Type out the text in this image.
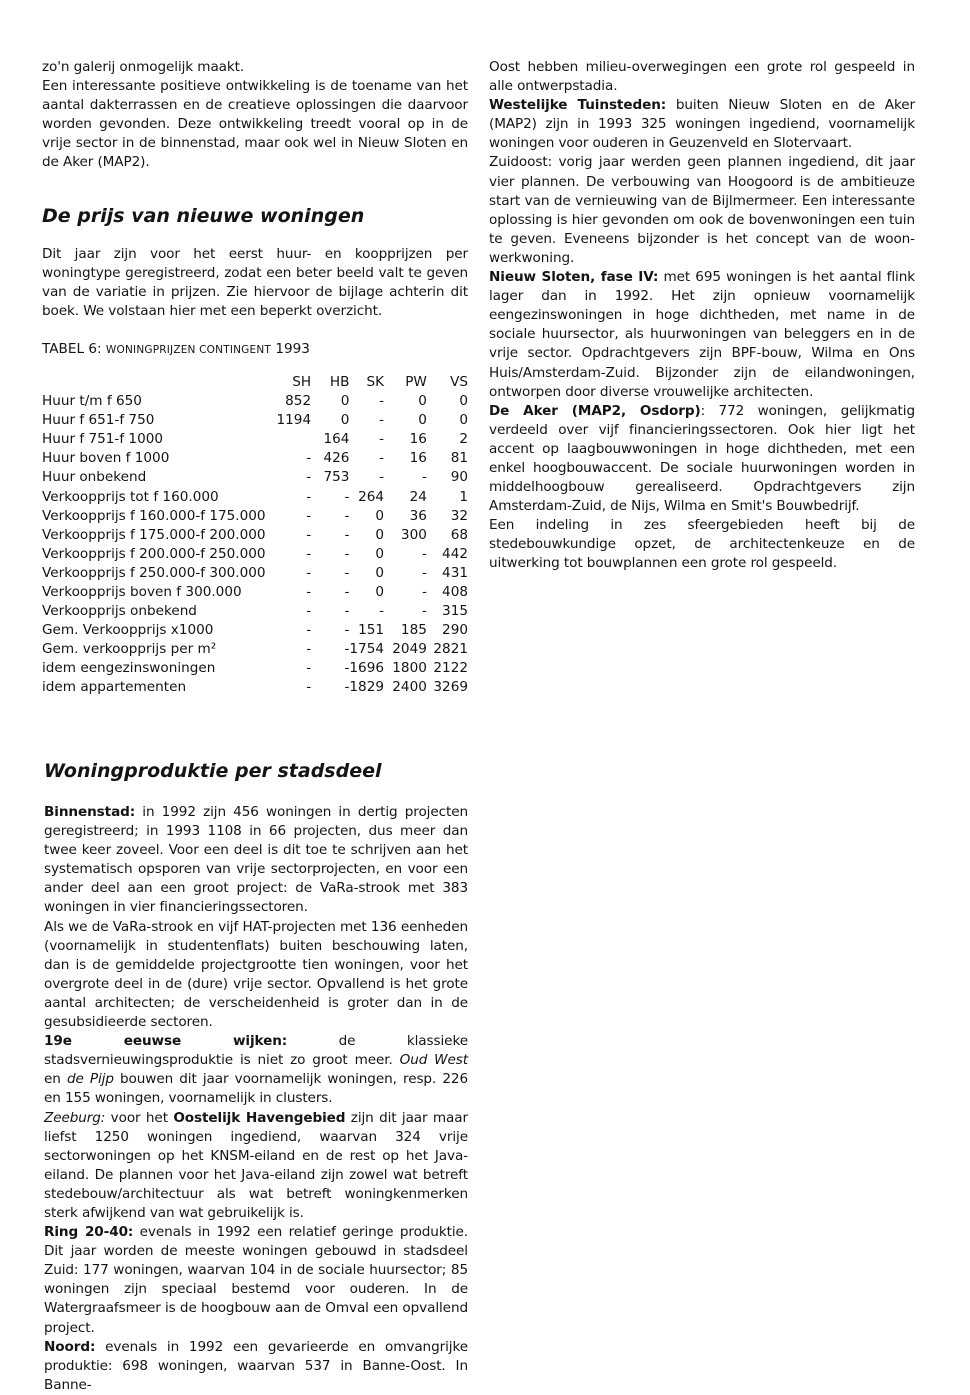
zo'n galerij onmogelijk maakt.

Een interessante positieve ontwikkeling is de toename van het aantal dakterrassen en de creatieve oplossingen die daarvoor worden gevonden. Deze ontwikkeling treedt vooral op in de vrije sector in de binnenstad, maar ook wel in Nieuw Sloten en de Aker (MAP2).

De prijs van nieuwe woningen

Dit jaar zijn voor het eerst huur- en koopprijzen per woningtype geregistreerd, zodat een beter beeld valt te geven van de variatie in prijzen. Zie hiervoor de bijlage achterin dit boek. We volstaan hier met een beperkt overzicht.

TABEL 6: WONINGPRIJZEN CONTINGENT 1993
	SH	HB	SK	PW	VS
Huur t/m f 650	852	0	-	0	0
Huur f 651-f 750	1194	0	-	0	0
Huur f 751-f 1000		164	-	16	2
Huur boven f 1000	-	426	-	16	81
Huur onbekend	-	753	-	-	90
Verkoopprijs tot f 160.000	-	-	264	24	1
Verkoopprijs f 160.000-f 175.000	-	-	0	36	32
Verkoopprijs f 175.000-f 200.000	-	-	0	300	68
Verkoopprijs f 200.000-f 250.000	-	-	0	-	442
Verkoopprijs f 250.000-f 300.000	-	-	0	-	431
Verkoopprijs boven f 300.000	-	-	0	-	408
Verkoopprijs onbekend	-	-	-	-	315
Gem. Verkoopprijs x1000	-	-	151	185	290
Gem. verkoopprijs per m²	-	-	1754	2049	2821
idem eengezinswoningen	-	-	1696	1800	2122
idem appartementen	-	-	1829	2400	3269
Woningproduktie per stadsdeel

Binnenstad: in 1992 zijn 456 woningen in dertig projecten geregistreerd; in 1993 1108 in 66 projecten, dus meer dan twee keer zoveel. Voor een deel is dit toe te schrijven aan het systematisch opsporen van vrije sectorprojecten, en voor een ander deel aan een groot project: de VaRa-strook met 383 woningen in vier financieringssectoren.

Als we de VaRa-strook en vijf HAT-projecten met 136 eenheden (voornamelijk in studentenflats) buiten beschouwing laten, dan is de gemiddelde projectgrootte tien woningen, voor het overgrote deel in de (dure) vrije sector. Opvallend is het grote aantal architecten; de verscheidenheid is groter dan in de gesubsidieerde sectoren.

19e eeuwse wijken: de klassieke stadsvernieuwingsproduktie is niet zo groot meer. Oud West en de Pijp bouwen dit jaar voornamelijk woningen, resp. 226 en 155 woningen, voornamelijk in clusters.

Zeeburg: voor het Oostelijk Havengebied zijn dit jaar maar liefst 1250 woningen ingediend, waarvan 324 vrije sectorwoningen op het KNSM-eiland en de rest op het Java-eiland. De plannen voor het Java-eiland zijn zowel wat betreft stedebouw/architectuur als wat betreft woningkenmerken sterk afwijkend van wat gebruikelijk is.

Ring 20-40: evenals in 1992 een relatief geringe produktie. Dit jaar worden de meeste woningen gebouwd in stadsdeel Zuid: 177 woningen, waarvan 104 in de sociale huursector; 85 woningen zijn speciaal bestemd voor ouderen. In de Watergraafsmeer is de hoogbouw aan de Omval een opvallend project.

Noord: evenals in 1992 een gevarieerde en omvangrijke produktie: 698 woningen, waarvan 537 in Banne-Oost. In Banne-

Oost hebben milieu-overwegingen een grote rol gespeeld in alle ontwerpstadia.

Westelijke Tuinsteden: buiten Nieuw Sloten en de Aker (MAP2) zijn in 1993 325 woningen ingediend, voornamelijk woningen voor ouderen in Geuzenveld en Slotervaart.

Zuidoost: vorig jaar werden geen plannen ingediend, dit jaar vier plannen. De verbouwing van Hoogoord is de ambitieuze start van de vernieuwing van de Bijlmermeer. Een interessante oplossing is hier gevonden om ook de bovenwoningen een tuin te geven. Eveneens bijzonder is het concept van de woon-werkwoning.

Nieuw Sloten, fase IV: met 695 woningen is het aantal flink lager dan in 1992. Het zijn opnieuw voornamelijk eengezinswoningen in hoge dichtheden, met name in de sociale huursector, als huurwoningen van beleggers en in de vrije sector. Opdrachtgevers zijn BPF-bouw, Wilma en Ons Huis/Amsterdam-Zuid. Bijzonder zijn de eilandwoningen, ontworpen door diverse vrouwelijke architecten.

De Aker (MAP2, Osdorp): 772 woningen, gelijkmatig verdeeld over vijf financieringssectoren. Ook hier ligt het accent op laagbouwwoningen in hoge dichtheden, met een enkel hoogbouwaccent. De sociale huurwoningen worden in middelhoogbouw gerealiseerd. Opdrachtgevers zijn Amsterdam-Zuid, de Nijs, Wilma en Smit's Bouwbedrijf.

Een indeling in zes sfeergebieden heeft bij de stedebouwkundige opzet, de architectenkeuze en de uitwerking tot bouwplannen een grote rol gespeeld.
